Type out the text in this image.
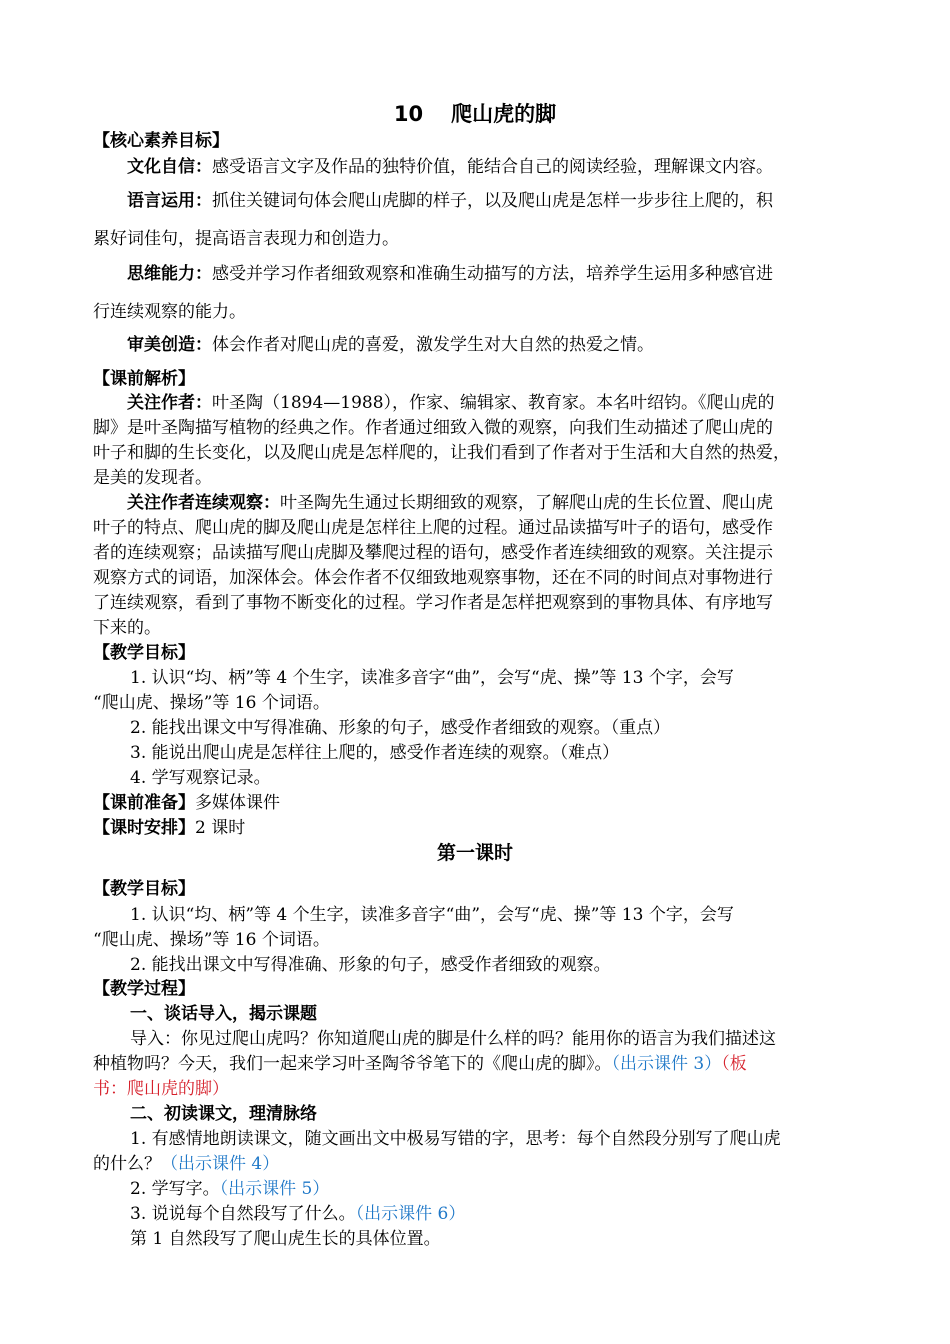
10 爬山虎的脚
【核心素养目标】
文化自信：感受语言文字及作品的独特价值，能结合自己的阅读经验，理解课文内容。
语言运用：抓住关键词句体会爬山虎脚的样子，以及爬山虎是怎样一步步往上爬的，积
累好词佳句，提高语言表现力和创造力。
思维能力：感受并学习作者细致观察和准确生动描写的方法，培养学生运用多种感官进
行连续观察的能力。
审美创造：体会作者对爬山虎的喜爱，激发学生对大自然的热爱之情。
【课前解析】
关注作者：叶圣陶（1894—1988），作家、编辑家、教育家。本名叶绍钧。《爬山虎的
脚》是叶圣陶描写植物的经典之作。作者通过细致入微的观察，向我们生动描述了爬山虎的
叶子和脚的生长变化，以及爬山虎是怎样爬的，让我们看到了作者对于生活和大自然的热爱，
是美的发现者。
关注作者连续观察：叶圣陶先生通过长期细致的观察，了解爬山虎的生长位置、爬山虎
叶子的特点、爬山虎的脚及爬山虎是怎样往上爬的过程。通过品读描写叶子的语句，感受作
者的连续观察；品读描写爬山虎脚及攀爬过程的语句，感受作者连续细致的观察。关注提示
观察方式的词语，加深体会。体会作者不仅细致地观察事物，还在不同的时间点对事物进行
了连续观察，看到了事物不断变化的过程。学习作者是怎样把观察到的事物具体、有序地写
下来的。
【教学目标】
1. 认识“均、柄”等 4 个生字，读准多音字“曲”，会写“虎、操”等 13 个字，会写
“爬山虎、操场”等 16 个词语。
2. 能找出课文中写得准确、形象的句子，感受作者细致的观察。（重点）
3. 能说出爬山虎是怎样往上爬的，感受作者连续的观察。（难点）
4. 学写观察记录。
【课前准备】多媒体课件
【课时安排】2 课时
第一课时
【教学目标】
1. 认识“均、柄”等 4 个生字，读准多音字“曲”，会写“虎、操”等 13 个字，会写
“爬山虎、操场”等 16 个词语。
2. 能找出课文中写得准确、形象的句子，感受作者细致的观察。
【教学过程】
一、谈话导入，揭示课题
导入：你见过爬山虎吗？你知道爬山虎的脚是什么样的吗？能用你的语言为我们描述这
种植物吗？今天，我们一起来学习叶圣陶爷爷笔下的《爬山虎的脚》。（出示课件 3）（板
书：爬山虎的脚）
二、初读课文，理清脉络
1. 有感情地朗读课文，随文画出文中极易写错的字，思考：每个自然段分别写了爬山虎
的什么？（出示课件 4）
2. 学写字。（出示课件 5）
3. 说说每个自然段写了什么。（出示课件 6）
第 1 自然段写了爬山虎生长的具体位置。
